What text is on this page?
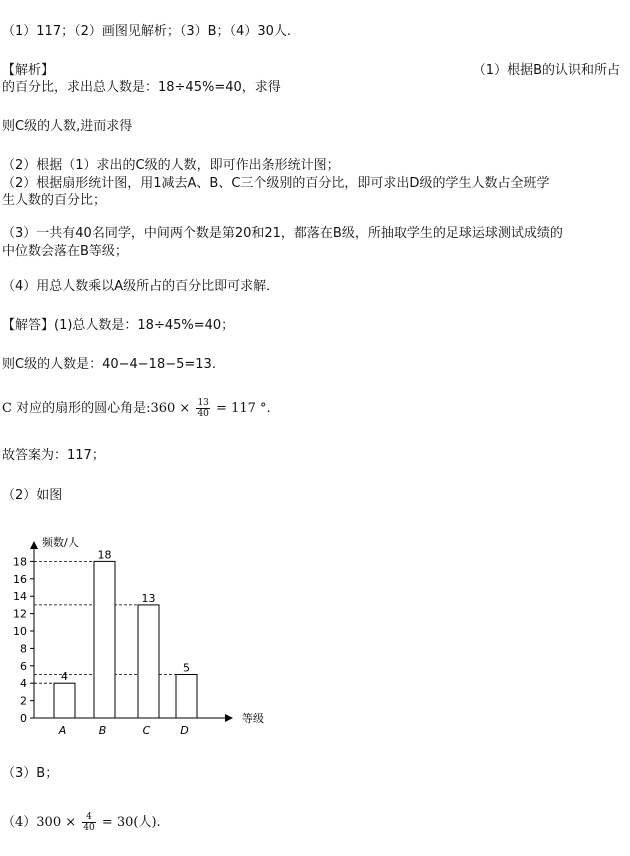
（1）117；（2）画图见解析；（3）B；（4）30人.
【解析】	（1）根据B的认识和所占
的百分比，求出总人数是：18÷45%=40，求得
则C级的人数,进而求得
（2）根据（1）求出的C级的人数，即可作出条形统计图；
（2）根据扇形统计图，用1减去A、B、C三个级别的百分比，即可求出D级的学生人数占全班学
生人数的百分比；
（3）一共有40名同学，中间两个数是第20和21，都落在B级，所抽取学生的足球运球测试成绩的
中位数会落在B等级；
（4）用总人数乘以A级所占的百分比即可求解．
【解答】(1)总人数是：18÷45%=40；
则C级的人数是：40−4−18−5=13.
C 对应的扇形的圆心角是:360 × $\frac{13}{40} = 117$ °.
故答案为：117；
（2）如图
0
2
4
6
8
10
12
14
16
18
频数/人
等级
4
A
18
B
13
C
5
D
（3）B；
$(4)300 \times \frac{4}{40} = 30$(人).
